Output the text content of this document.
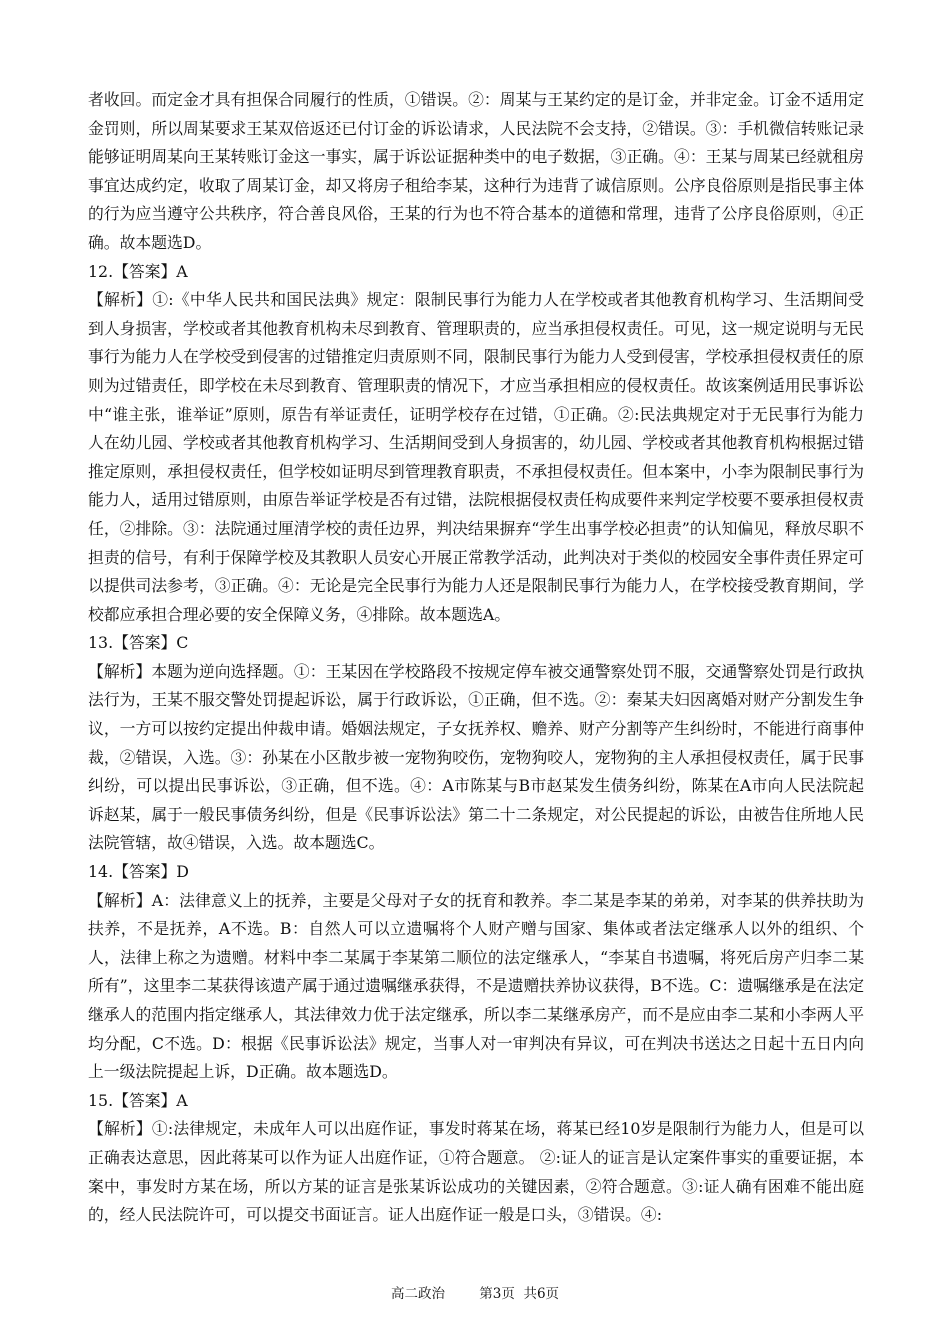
者收回。而定金才具有担保合同履行的性质，①错误。②：周某与王某约定的是订金，并非定金。订金不适用定金罚则，所以周某要求王某双倍返还已付订金的诉讼请求，人民法院不会支持，②错误。③：手机微信转账记录能够证明周某向王某转账订金这一事实，属于诉讼证据种类中的电子数据，③正确。④：王某与周某已经就租房事宜达成约定，收取了周某订金，却又将房子租给李某，这种行为违背了诚信原则。公序良俗原则是指民事主体的行为应当遵守公共秩序，符合善良风俗，王某的行为也不符合基本的道德和常理，违背了公序良俗原则，④正确。故本题选D。

12.【答案】A

【解析】①:《中华人民共和国民法典》规定：限制民事行为能力人在学校或者其他教育机构学习、生活期间受到人身损害，学校或者其他教育机构未尽到教育、管理职责的，应当承担侵权责任。可见，这一规定说明与无民事行为能力人在学校受到侵害的过错推定归责原则不同，限制民事行为能力人受到侵害，学校承担侵权责任的原则为过错责任，即学校在未尽到教育、管理职责的情况下，才应当承担相应的侵权责任。故该案例适用民事诉讼中“谁主张，谁举证”原则，原告有举证责任，证明学校存在过错，①正确。②:民法典规定对于无民事行为能力人在幼儿园、学校或者其他教育机构学习、生活期间受到人身损害的，幼儿园、学校或者其他教育机构根据过错推定原则，承担侵权责任，但学校如证明尽到管理教育职责，不承担侵权责任。但本案中，小李为限制民事行为能力人，适用过错原则，由原告举证学校是否有过错，法院根据侵权责任构成要件来判定学校要不要承担侵权责任，②排除。③：法院通过厘清学校的责任边界，判决结果摒弃“学生出事学校必担责”的认知偏见，释放尽职不担责的信号，有利于保障学校及其教职人员安心开展正常教学活动，此判决对于类似的校园安全事件责任界定可以提供司法参考，③正确。④：无论是完全民事行为能力人还是限制民事行为能力人，在学校接受教育期间，学校都应承担合理必要的安全保障义务，④排除。故本题选A。

13.【答案】C

【解析】本题为逆向选择题。①：王某因在学校路段不按规定停车被交通警察处罚不服，交通警察处罚是行政执法行为，王某不服交警处罚提起诉讼，属于行政诉讼，①正确，但不选。②：秦某夫妇因离婚对财产分割发生争议，一方可以按约定提出仲裁申请。婚姻法规定，子女抚养权、赡养、财产分割等产生纠纷时，不能进行商事仲裁，②错误，入选。③：孙某在小区散步被一宠物狗咬伤，宠物狗咬人，宠物狗的主人承担侵权责任，属于民事纠纷，可以提出民事诉讼，③正确，但不选。④：A市陈某与B市赵某发生债务纠纷，陈某在A市向人民法院起诉赵某，属于一般民事债务纠纷，但是《民事诉讼法》第二十二条规定，对公民提起的诉讼，由被告住所地人民法院管辖，故④错误，入选。故本题选C。

14.【答案】D

【解析】A：法律意义上的抚养，主要是父母对子女的抚育和教养。李二某是李某的弟弟，对李某的供养扶助为扶养，不是抚养，A不选。B：自然人可以立遗嘱将个人财产赠与国家、集体或者法定继承人以外的组织、个人，法律上称之为遗赠。材料中李二某属于李某第二顺位的法定继承人，“李某自书遗嘱，将死后房产归李二某所有”，这里李二某获得该遗产属于通过遗嘱继承获得，不是遗赠扶养协议获得，B不选。C：遗嘱继承是在法定继承人的范围内指定继承人，其法律效力优于法定继承，所以李二某继承房产，而不是应由李二某和小李两人平均分配，C不选。D：根据《民事诉讼法》规定，当事人对一审判决有异议，可在判决书送达之日起十五日内向上一级法院提起上诉，D正确。故本题选D。

15.【答案】A

【解析】①:法律规定，未成年人可以出庭作证，事发时蒋某在场，蒋某已经10岁是限制行为能力人，但是可以正确表达意思，因此蒋某可以作为证人出庭作证，①符合题意。 ②:证人的证言是认定案件事实的重要证据，本案中，事发时方某在场，所以方某的证言是张某诉讼成功的关键因素，②符合题意。③:证人确有困难不能出庭的，经人民法院许可，可以提交书面证言。证人出庭作证一般是口头，③错误。④:

高二政治        第3页  共6页
